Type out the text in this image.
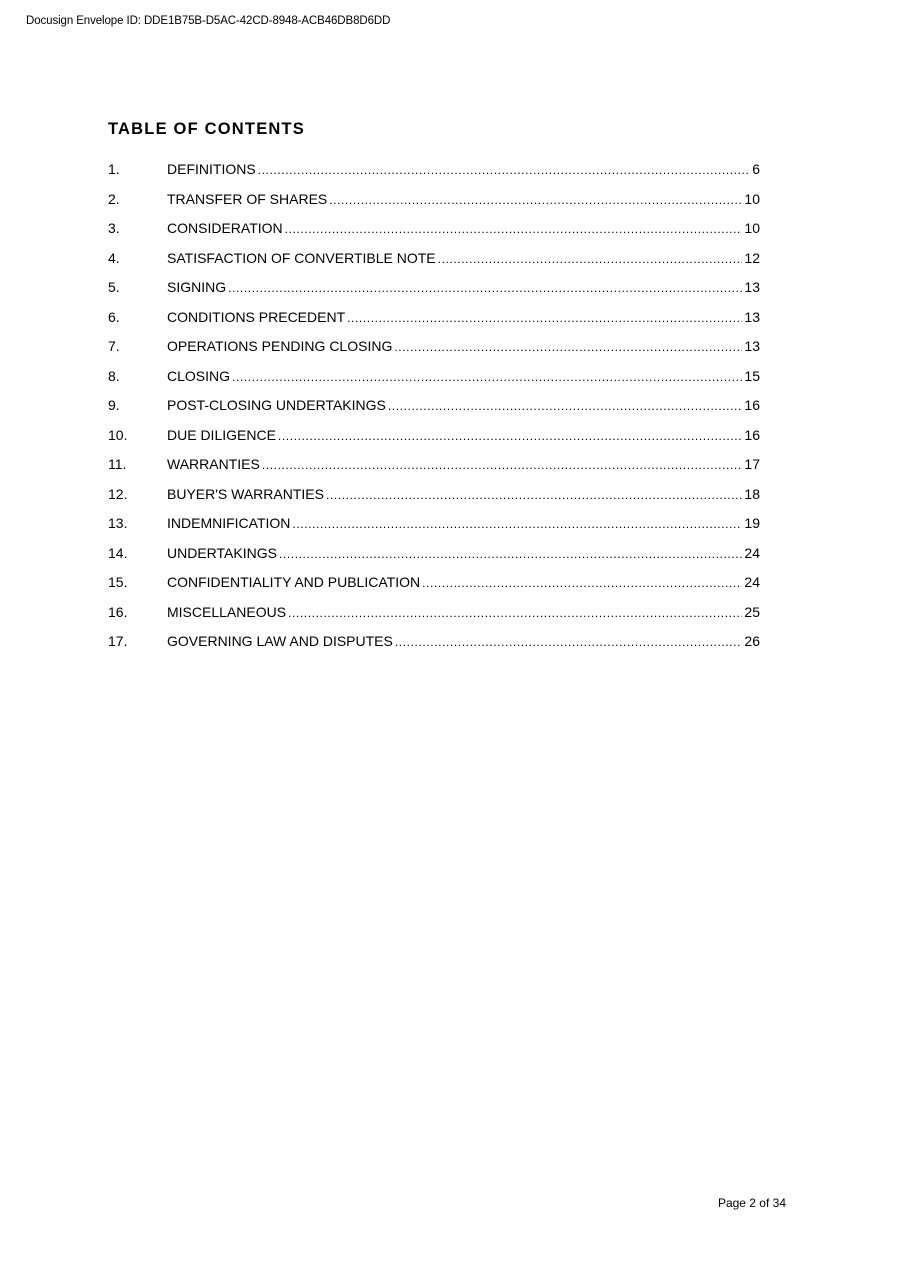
Docusign Envelope ID: DDE1B75B-D5AC-42CD-8948-ACB46DB8D6DD
TABLE OF CONTENTS
1.	DEFINITIONS .....	6
2.	TRANSFER OF SHARES .....	10
3.	CONSIDERATION .....	10
4.	SATISFACTION OF CONVERTIBLE NOTE .....	12
5.	SIGNING .....	13
6.	CONDITIONS PRECEDENT .....	13
7.	OPERATIONS PENDING CLOSING .....	13
8.	CLOSING .....	15
9.	POST-CLOSING UNDERTAKINGS .....	16
10.	DUE DILIGENCE .....	16
11.	WARRANTIES .....	17
12.	BUYER'S WARRANTIES .....	18
13.	INDEMNIFICATION .....	19
14.	UNDERTAKINGS .....	24
15.	CONFIDENTIALITY AND PUBLICATION .....	24
16.	MISCELLANEOUS .....	25
17.	GOVERNING LAW AND DISPUTES .....	26
Page 2 of 34
